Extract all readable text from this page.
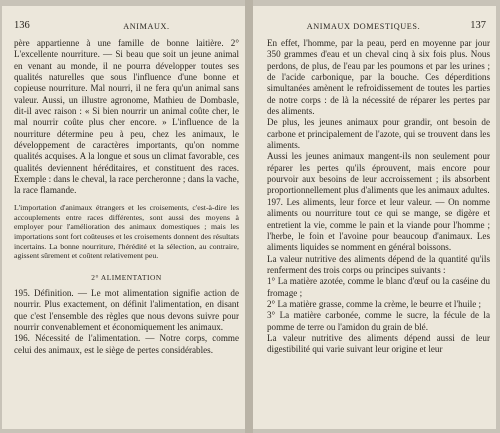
136	ANIMAUX.

père appartienne à une famille de bonne laitière. 2° L'excellente nourriture. — Si beau que soit un jeune animal en venant au monde, il ne pourra développer toutes ses qualités naturelles que sous l'influence d'une bonne et copieuse nourriture. Mal nourri, il ne fera qu'un animal sans valeur. Aussi, un illustre agronome, Mathieu de Dombasle, dit-il avec raison : « Si bien nourrir un animal coûte cher, le mal nourrir coûte plus cher encore. » L'influence de la nourriture détermine peu à peu, chez les animaux, le développement de caractères importants, qu'on nomme qualités acquises. A la longue et sous un climat favorable, ces qualités deviennent héréditaires, et constituent des races. Exemple : dans le cheval, la race percheronne ; dans la vache, la race flamande.

L'importation d'animaux étrangers et les croisements, c'est-à-dire les accouplements entre races différentes, sont aussi des moyens à employer pour l'amélioration des animaux domestiques ; mais les importations sont fort coûteuses et les croisements donnent des résultats incertains. La bonne nourriture, l'hérédité et la sélection, au contraire, agissent sûrement et coûtent relativement peu.

2° ALIMENTATION

195. Définition. — Le mot alimentation signifie action de nourrir. Plus exactement, on définit l'alimentation, en disant que c'est l'ensemble des règles que nous devons suivre pour nourrir convenablement et économiquement les animaux.

196. Nécessité de l'alimentation. — Notre corps, comme celui des animaux, est le siège de pertes considérables.

ANIMAUX DOMESTIQUES.	137

En effet, l'homme, par la peau, perd en moyenne par jour 350 grammes d'eau et un cheval cinq à six fois plus. Nous perdons, de plus, de l'eau par les poumons et par les urines ; de l'acide carbonique, par la bouche. Ces déperditions simultanées amènent le refroidissement de toutes les parties de notre corps : de là la nécessité de réparer les pertes par des aliments.

De plus, les jeunes animaux pour grandir, ont besoin de carbone et principalement de l'azote, qui se trouvent dans les aliments.

Aussi les jeunes animaux mangent-ils non seulement pour réparer les pertes qu'ils éprouvent, mais encore pour pourvoir aux besoins de leur accroissement ; ils absorbent proportionnellement plus d'aliments que les animaux adultes.

197. Les aliments, leur force et leur valeur. — On nomme aliments ou nourriture tout ce qui se mange, se digère et entretient la vie, comme le pain et la viande pour l'homme ; l'herbe, le foin et l'avoine pour beaucoup d'animaux. Les aliments liquides se nomment en général boissons.

La valeur nutritive des aliments dépend de la quantité qu'ils renferment des trois corps ou principes suivants :

1° La matière azotée, comme le blanc d'œuf ou la caséine du fromage ;

2° La matière grasse, comme la crème, le beurre et l'huile ;

3° La matière carbonée, comme le sucre, la fécule de la pomme de terre ou l'amidon du grain de blé.

La valeur nutritive des aliments dépend aussi de leur digestibilité qui varie suivant leur origine et leur
